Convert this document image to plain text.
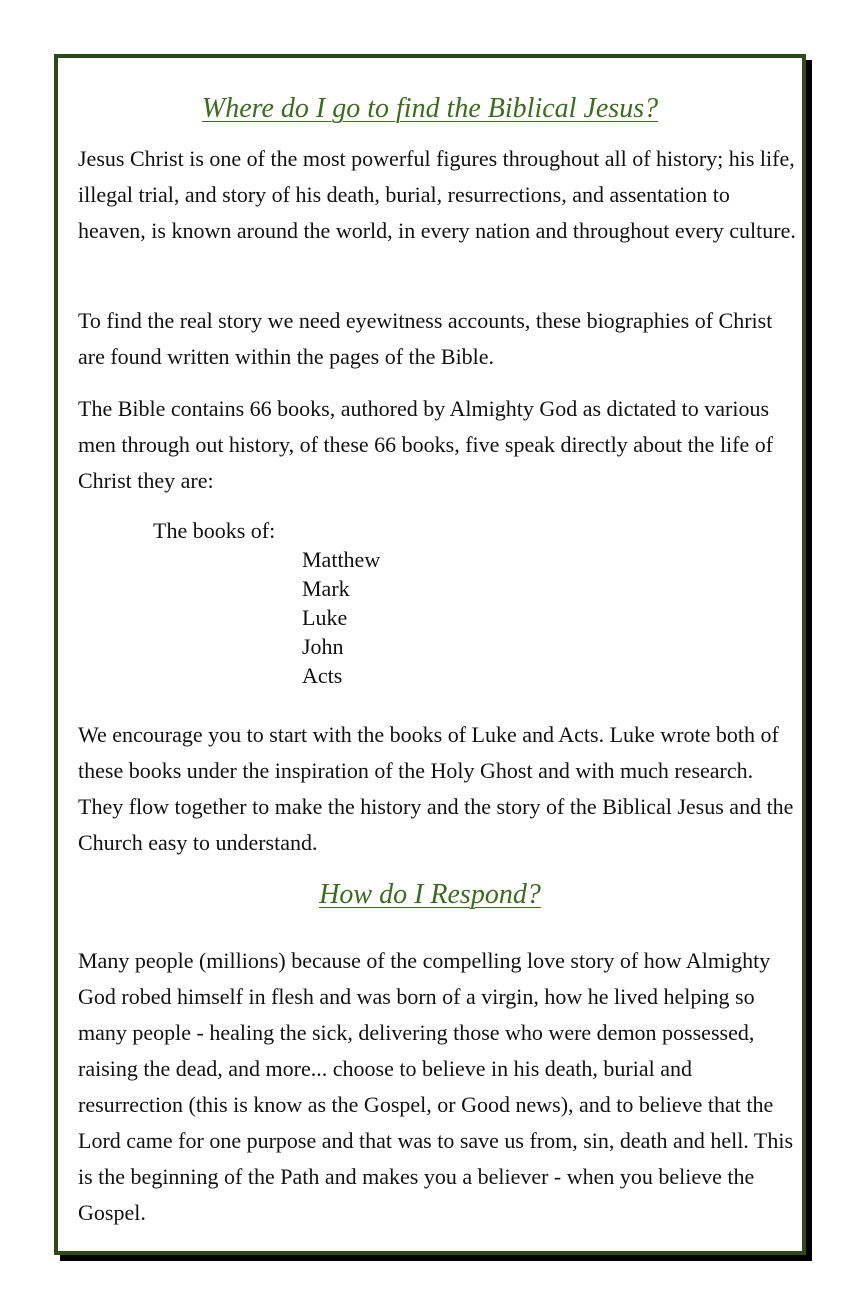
Where do I go to find the Biblical Jesus?

Jesus Christ is one of the most powerful figures throughout all of history; his life, illegal trial, and story of his death, burial, resurrections, and assentation to heaven, is known around the world, in every nation and throughout every culture.

To find the real story we need eyewitness accounts, these biographies of Christ are found written within the pages of the Bible.

The Bible contains 66 books, authored by Almighty God as dictated to various men through out history, of these 66 books, five speak directly about the life of Christ they are:

The books of:

Matthew
Mark
Luke
John
Acts

We encourage you to start with the books of Luke and Acts. Luke wrote both of these books under the inspiration of the Holy Ghost and with much research. They flow together to make the history and the story of the Biblical Jesus and the Church easy to understand.

How do I Respond?

Many people (millions) because of the compelling love story of how Almighty God robed himself in flesh and was born of a virgin, how he lived helping so many people - healing the sick, delivering those who were demon possessed, raising the dead, and more... choose to believe in his death, burial and resurrection (this is know as the Gospel, or Good news), and to believe that the Lord came for one purpose and that was to save us from, sin, death and hell. This is the beginning of the Path and makes you a believer - when you believe the Gospel.
